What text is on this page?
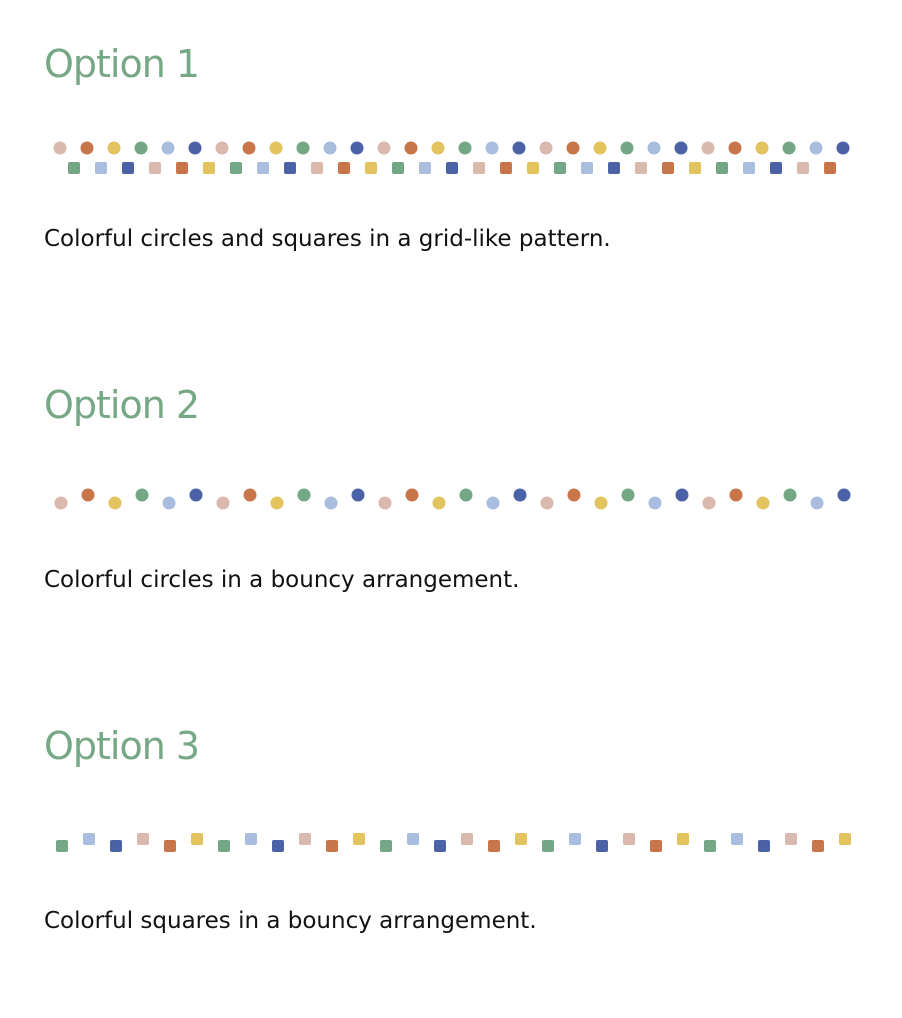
Option 1

Colorful circles and squares in a grid-like pattern.

Option 2

Colorful circles in a bouncy arrangement.

Option 3

Colorful squares in a bouncy arrangement.
